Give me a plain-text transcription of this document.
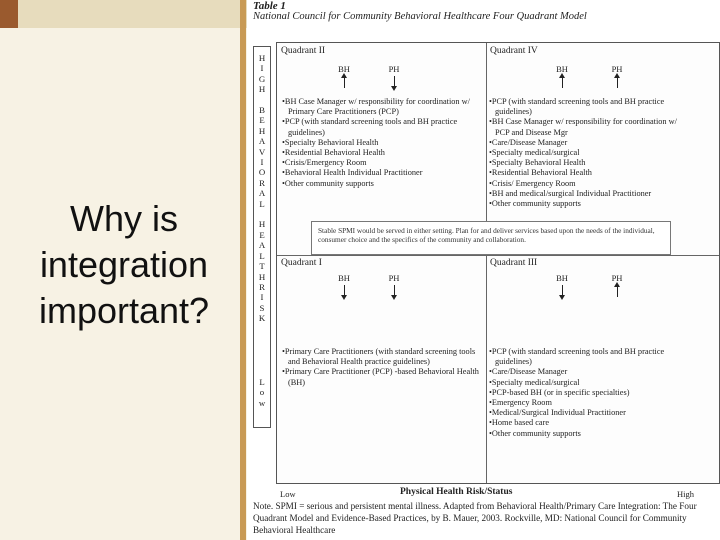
Why is
integration
important?
Table 1
National Council for Community Behavioral Healthcare Four Quadrant Model
H
I
G
H
B
E
H
A
V
I
O
R
A
L
H
E
A
L
T
H
R
I
S
K
L
o
w
Quadrant II
BH	PH
• BH Case Manager w/ responsibility for coordination w/ Primary Care Practitioners (PCP)
• PCP (with standard screening tools and BH practice guidelines)
• Specialty Behavioral Health
• Residential Behavioral Health
• Crisis/Emergency Room
• Behavioral Health Individual Practitioner
• Other community supports
Quadrant IV
BH	PH
• PCP (with standard screening tools and BH practice guidelines)
• BH Case Manager w/ responsibility for coordination w/ PCP and Disease Mgr
• Care/Disease Manager
• Specialty medical/surgical
• Specialty Behavioral Health
• Residential Behavioral Health
• Crisis/ Emergency Room
• BH and medical/surgical Individual Practitioner
• Other community supports
Stable SPMI would be served in either setting. Plan for and deliver services based upon the needs of the individual, consumer choice and the specifics of the community and collaboration.
Quadrant I
BH	PH
• Primary Care Practitioners (with standard screening tools and Behavioral Health practice guidelines)
• Primary Care Practitioner (PCP) -based Behavioral Health (BH)
Quadrant III
BH	PH
• PCP (with standard screening tools and BH practice guidelines)
• Care/Disease Manager
• Specialty medical/surgical
• PCP-based BH (or in specific specialties)
• Emergency Room
• Medical/Surgical Individual Practitioner
• Home based care
• Other community supports
Low	Physical Health Risk/Status	High
Note. SPMI = serious and persistent mental illness. Adapted from Behavioral Health/Primary Care Integration: The Four Quadrant Model and Evidence-Based Practices, by B. Mauer, 2003. Rockville, MD: National Council for Community Behavioral Healthcare
